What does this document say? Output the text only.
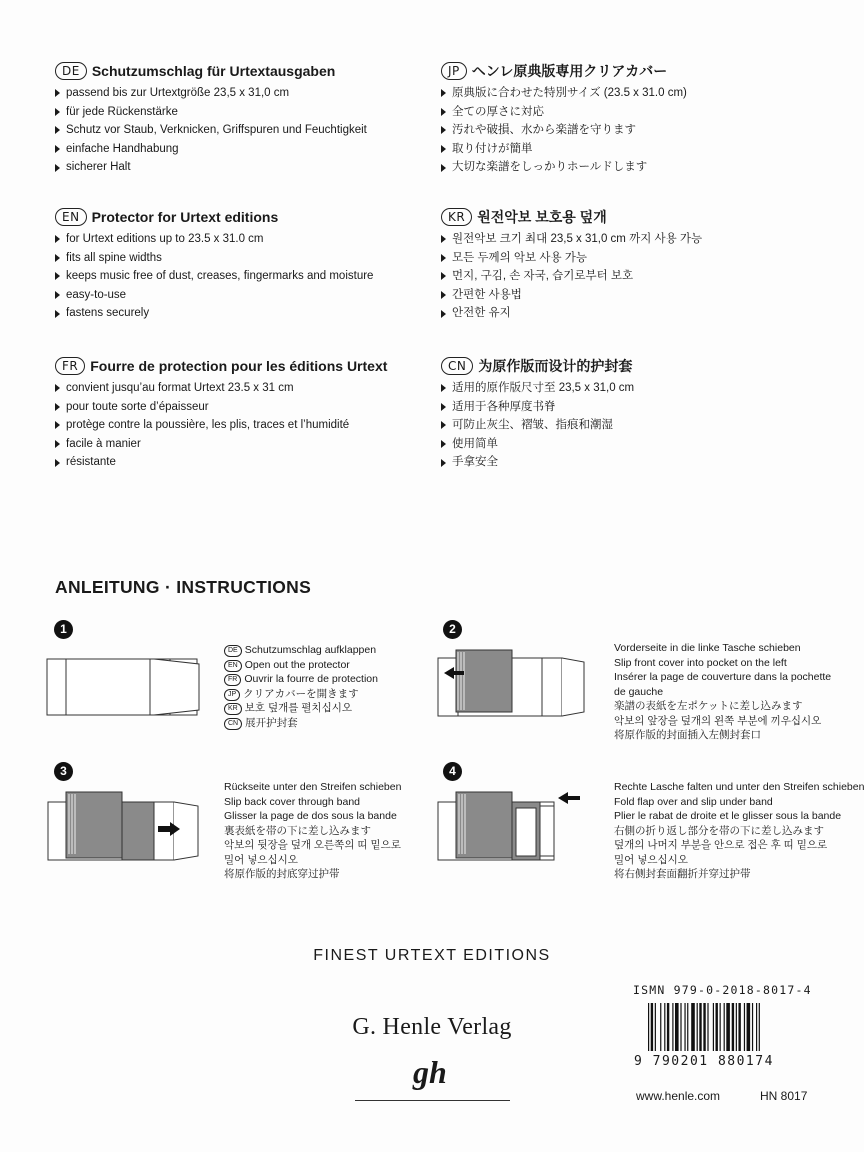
DE Schutzumschlag für Urtextausgaben
passend bis zur Urtextgröße 23,5 x 31,0 cm
für jede Rückenstärke
Schutz vor Staub, Verknicken, Griffspuren und Feuchtigkeit
einfache Handhabung
sicherer Halt
EN Protector for Urtext editions
for Urtext editions up to 23.5 x 31.0 cm
fits all spine widths
keeps music free of dust, creases, fingermarks and moisture
easy-to-use
fastens securely
FR Fourre de protection pour les éditions Urtext
convient jusqu’au format Urtext 23.5 x 31 cm
pour toute sorte d’épaisseur
protège contre la poussière, les plis, traces et l’humidité
facile à manier
résistante
JP ヘンレ原典版専用クリアカバー
原典版に合わせた特別サイズ (23.5 x 31.0 cm)
全ての厚さに対応
汚れや破損、水から楽譜を守ります
取り付けが簡単
大切な楽譜をしっかりホールドします
KR 원전악보 보호용 덮개
원전악보 크기 최대 23,5 x 31,0 cm 까지 사용 가능
모든 두께의 악보 사용 가능
먼지, 구김, 손 자국, 습기로부터 보호
간편한 사용법
안전한 유지
CN 为原作版而设计的护封套
适用的原作版尺寸至 23,5 x 31,0 cm
适用于各种厚度书脊
可防止灰尘、褶皱、指痕和潮湿
使用简单
手拿安全
ANLEITUNG · INSTRUCTIONS
1
DE Schutzumschlag aufklappen
EN Open out the protector
FR Ouvrir la fourre de protection
JP クリアカバーを開きます
KR 보호 덮개를 펼치십시오
CN 展开护封套
2
Vorderseite in die linke Tasche schieben
Slip front cover into pocket on the left
Insérer la page de couverture dans la pochette
de gauche
楽譜の表紙を左ポケットに差し込みます
악보의 앞장을 덮개의 왼쪽 부분에 끼우십시오
将原作版的封面插入左侧封套口
3
Rückseite unter den Streifen schieben
Slip back cover through band
Glisser la page de dos sous la bande
裏表紙を帯の下に差し込みます
악보의 뒷장을 덮개 오른쪽의 띠 밑으로
밀어 넣으십시오
将原作版的封底穿过护带
4
Rechte Lasche falten und unter den Streifen schieben
Fold flap over and slip under band
Plier le rabat de droite et le glisser sous la bande
右側の折り返し部分を帯の下に差し込みます
덮개의 나머지 부분을 안으로 접은 후 띠 밑으로
밀어 넣으십시오
将右侧封套面翻折并穿过护带
FINEST URTEXT EDITIONS
ISMN 979-0-2018-8017-4
9 790201 880174
G. Henle Verlag
gh
www.henle.com	HN 8017
